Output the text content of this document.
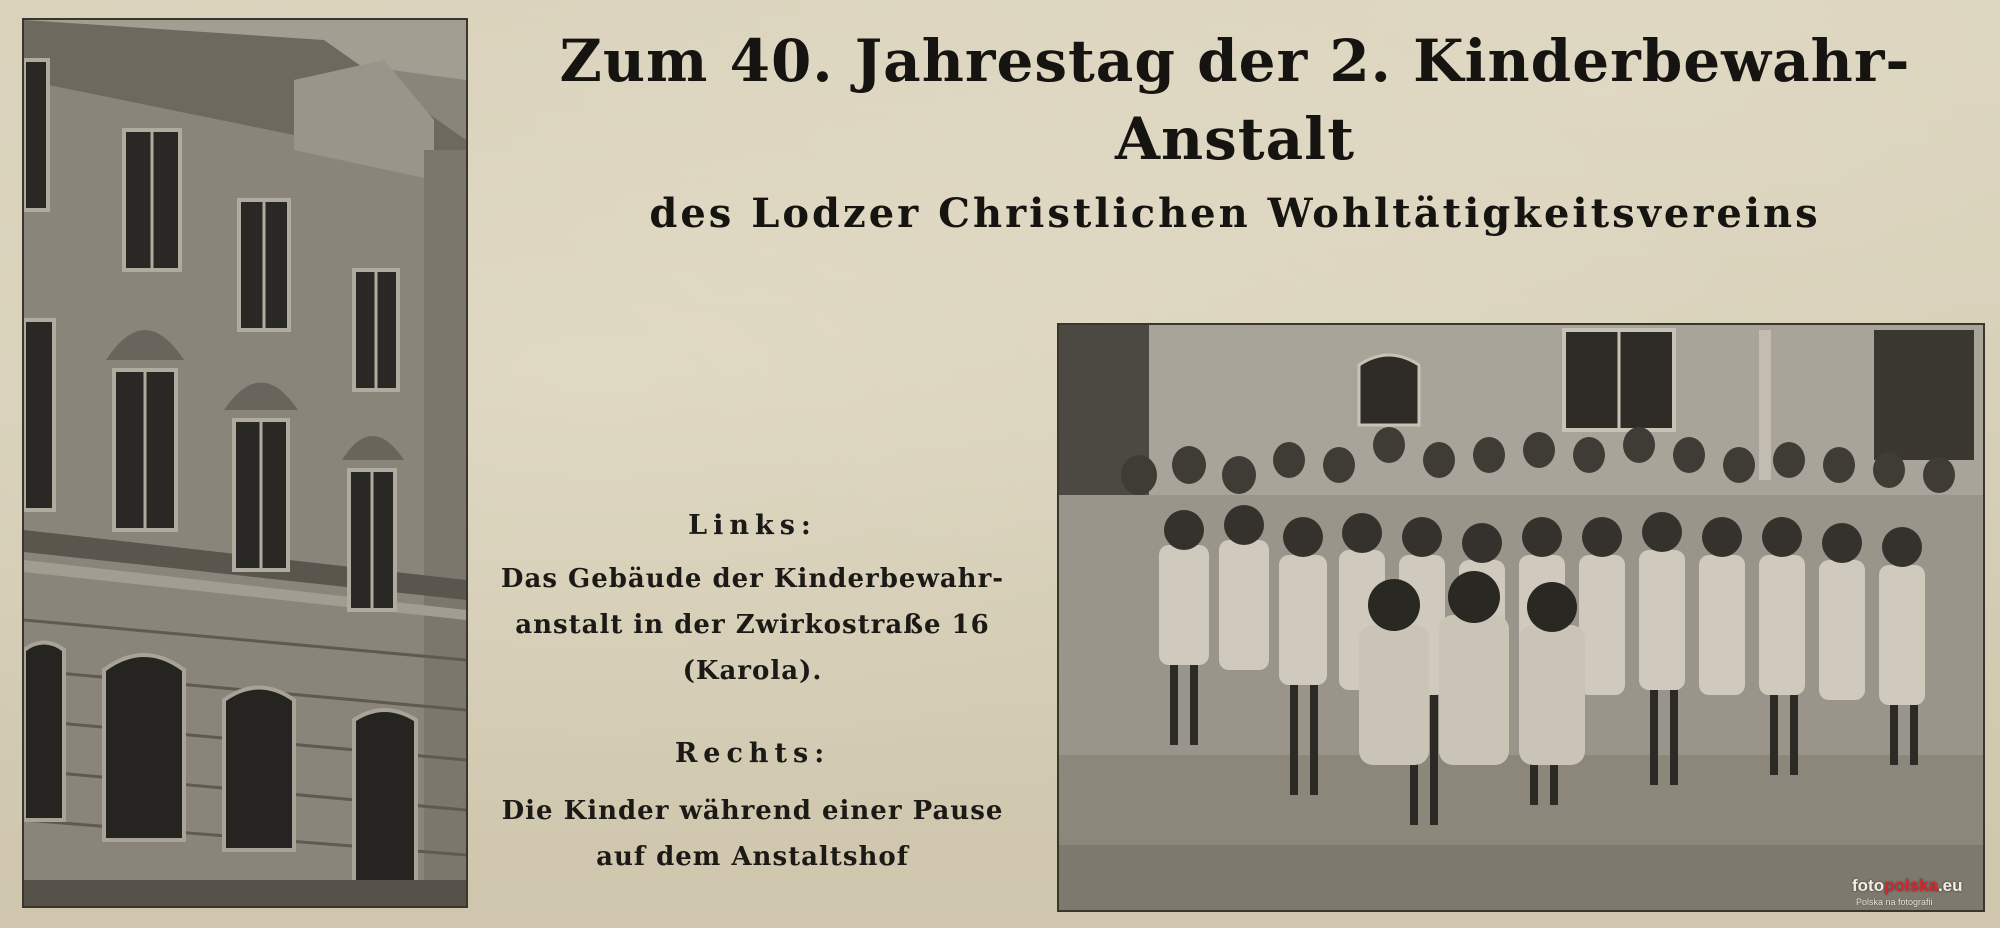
Zum 40. Jahrestag der 2. Kinderbewahr-
Anstalt
des Lodzer Christlichen Wohltätigkeitsvereins
Links:
Das Gebäude der Kinderbewahr-
anstalt in der Zwirkostraße 16
(Karola).
Rechts:
Die Kinder während einer Pause
auf dem Anstaltshof
fotopolska.eu
Polska na fotografii
